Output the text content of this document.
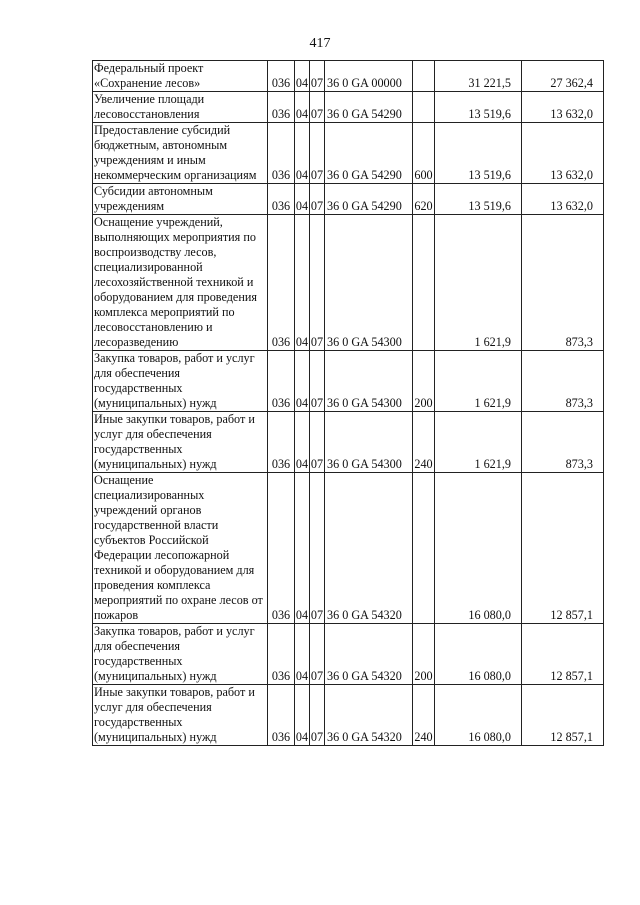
417
Федеральный проект «Сохранение лесов»	036	04	07	36 0 GA 00000		31 221,5	27 362,4
Увеличение площади лесовосстановления	036	04	07	36 0 GA 54290		13 519,6	13 632,0
Предоставление субсидий бюджетным, автономным учреждениям и иным некоммерческим организациям	036	04	07	36 0 GA 54290	600	13 519,6	13 632,0
Субсидии автономным учреждениям	036	04	07	36 0 GA 54290	620	13 519,6	13 632,0
Оснащение учреждений, выполняющих мероприятия по воспроизводству лесов, специализированной лесохозяйственной техникой и оборудованием для проведения комплекса мероприятий по лесовосстановлению и лесоразведению	036	04	07	36 0 GA 54300		1 621,9	873,3
Закупка товаров, работ и услуг для обеспечения государственных (муниципальных) нужд	036	04	07	36 0 GA 54300	200	1 621,9	873,3
Иные закупки товаров, работ и услуг для обеспечения государственных (муниципальных) нужд	036	04	07	36 0 GA 54300	240	1 621,9	873,3
Оснащение специализированных учреждений органов государственной власти субъектов Российской Федерации лесопожарной техникой и оборудованием для проведения комплекса мероприятий по охране лесов от пожаров	036	04	07	36 0 GA 54320		16 080,0	12 857,1
Закупка товаров, работ и услуг для обеспечения государственных (муниципальных) нужд	036	04	07	36 0 GA 54320	200	16 080,0	12 857,1
Иные закупки товаров, работ и услуг для обеспечения государственных (муниципальных) нужд	036	04	07	36 0 GA 54320	240	16 080,0	12 857,1
